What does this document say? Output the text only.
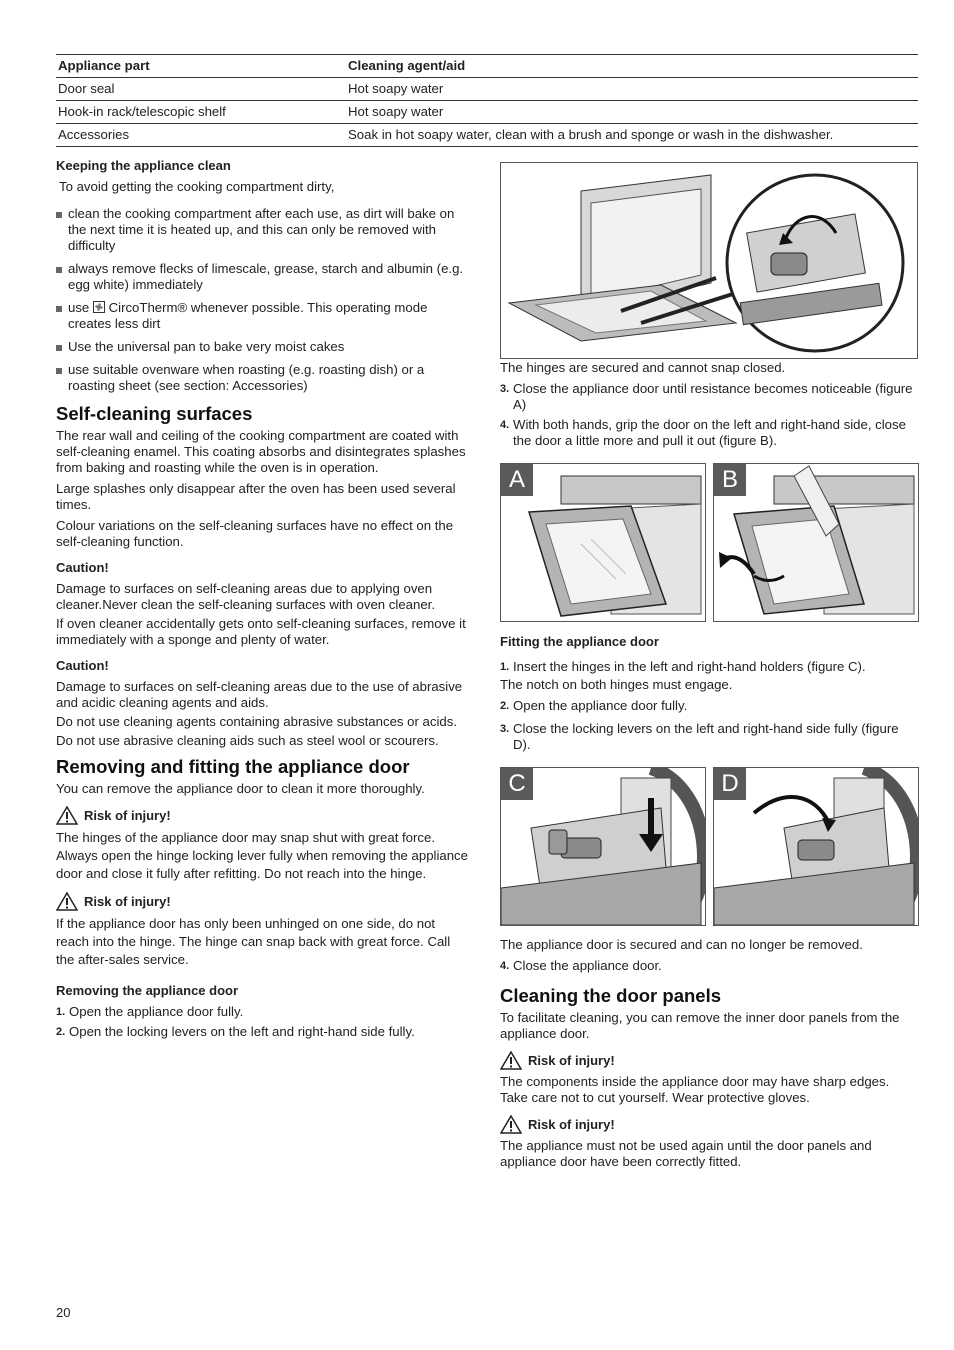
Appliance part	Cleaning agent/aid
Door seal	Hot soapy water
Hook-in rack/telescopic shelf	Hot soapy water
Accessories	Soak in hot soapy water, clean with a brush and sponge or wash in the dishwasher.
Keeping the appliance clean

To avoid getting the cooking compartment dirty,

clean the cooking compartment after each use, as dirt will bake on the next time it is heated up, and this can only be removed with difficulty
always remove flecks of limescale, grease, starch and albumin (e.g. egg white) immediately
use CircoTherm® whenever possible. This operating mode creates less dirt
Use the universal pan to bake very moist cakes
use suitable ovenware when roasting (e.g. roasting dish) or a roasting sheet (see section: Accessories)
Self-cleaning surfaces

The rear wall and ceiling of the cooking compartment are coated with self-cleaning enamel. This coating absorbs and disintegrates splashes from baking and roasting while the oven is in operation.

Large splashes only disappear after the oven has been used several times.

Colour variations on the self-cleaning surfaces have no effect on the self-cleaning function.

Caution!

Damage to surfaces on self-cleaning areas due to applying oven cleaner.Never clean the self-cleaning surfaces with oven cleaner.

If oven cleaner accidentally gets onto self-cleaning surfaces, remove it immediately with a sponge and plenty of water.

Caution!

Damage to surfaces on self-cleaning areas due to the use of abrasive and acidic cleaning agents and aids.

Do not use cleaning agents containing abrasive substances or acids.

Do not use abrasive cleaning aids such as steel wool or scourers.

Removing and fitting the appliance door

You can remove the appliance door to clean it more thoroughly.

Risk of injury!

The hinges of the appliance door may snap shut with great force. Always open the hinge locking lever fully when removing the appliance door and close it fully after refitting. Do not reach into the hinge.

Risk of injury!

If the appliance door has only been unhinged on one side, do not reach into the hinge. The hinge can snap back with great force. Call the after-sales service.

Removing the appliance door
1. Open the appliance door fully.
2. Open the locking levers on the left and right-hand side fully.

The hinges are secured and cannot snap closed.

3. Close the appliance door until resistance becomes noticeable (figure A)
4. With both hands, grip the door on the left and right-hand side, close the door a little more and pull it out (figure B).
A	B
Fitting the appliance door
1. Insert the hinges in the left and right-hand holders (figure C).

The notch on both hinges must engage.

2. Open the appliance door fully.
3. Close the locking levers on the left and right-hand side fully (figure D).
C	D

The appliance door is secured and can no longer be removed.

4. Close the appliance door.
Cleaning the door panels

To facilitate cleaning, you can remove the inner door panels from the appliance door.

Risk of injury!

The components inside the appliance door may have sharp edges. Take care not to cut yourself. Wear protective gloves.

Risk of injury!

The appliance must not be used again until the door panels and appliance door have been correctly fitted.

20
